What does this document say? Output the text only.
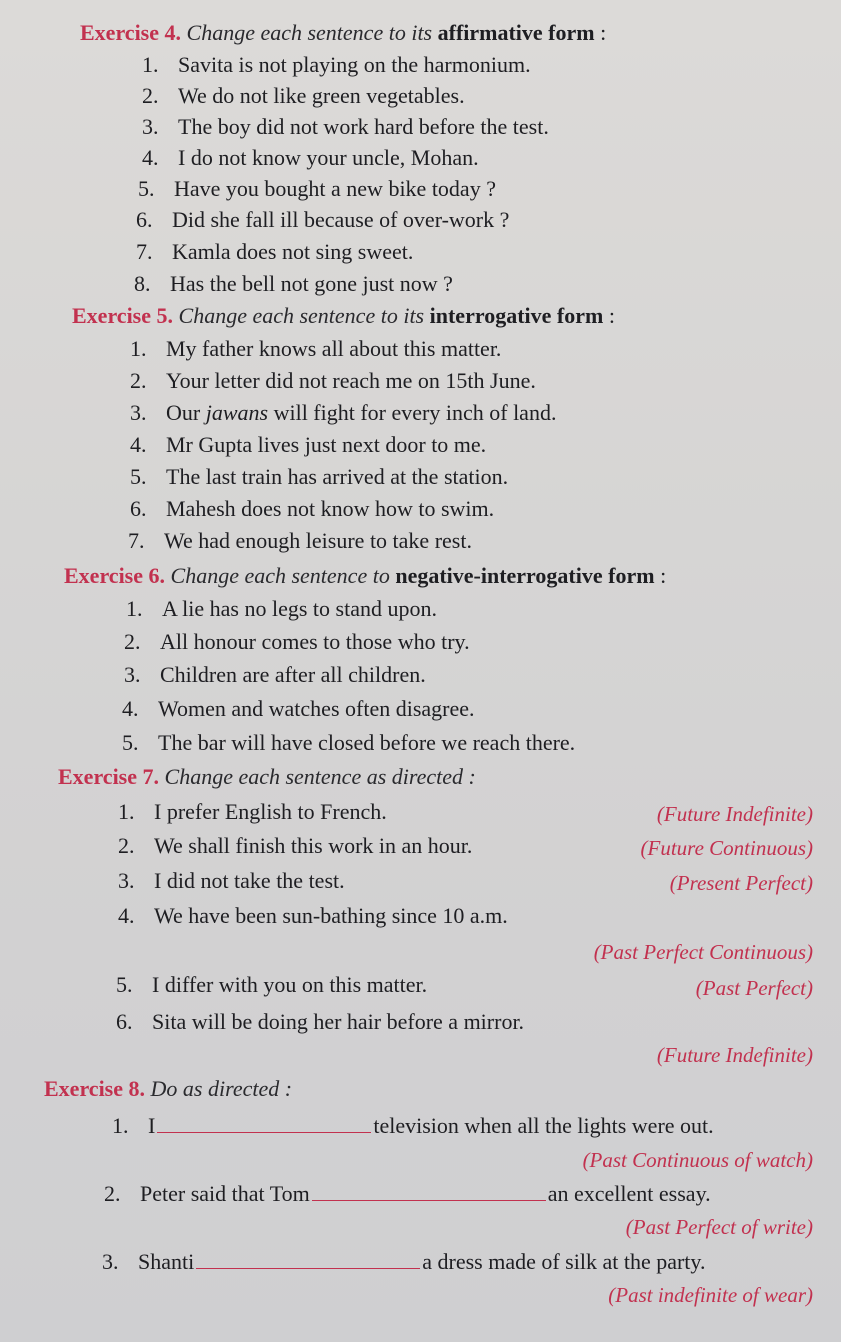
Exercise 4. Change each sentence to its affirmative form :
1. Savita is not playing on the harmonium.
2. We do not like green vegetables.
3. The boy did not work hard before the test.
4. I do not know your uncle, Mohan.
5. Have you bought a new bike today ?
6. Did she fall ill because of over-work ?
7. Kamla does not sing sweet.
8. Has the bell not gone just now ?
Exercise 5. Change each sentence to its interrogative form :
1. My father knows all about this matter.
2. Your letter did not reach me on 15th June.
3. Our jawans will fight for every inch of land.
4. Mr Gupta lives just next door to me.
5. The last train has arrived at the station.
6. Mahesh does not know how to swim.
7. We had enough leisure to take rest.
Exercise 6. Change each sentence to negative-interrogative form :
1. A lie has no legs to stand upon.
2. All honour comes to those who try.
3. Children are after all children.
4. Women and watches often disagree.
5. The bar will have closed before we reach there.
Exercise 7. Change each sentence as directed :
1. I prefer English to French.	(Future Indefinite)
2. We shall finish this work in an hour.	(Future Continuous)
3. I did not take the test.	(Present Perfect)
4. We have been sun-bathing since 10 a.m.
(Past Perfect Continuous)
5. I differ with you on this matter.	(Past Perfect)
6. Sita will be doing her hair before a mirror.
(Future Indefinite)
Exercise 8. Do as directed :
1. I	television when all the lights were out.
(Past Continuous of watch)
2. Peter said that Tom	an excellent essay.
(Past Perfect of write)
3. Shanti	a dress made of silk at the party.
(Past indefinite of wear)
